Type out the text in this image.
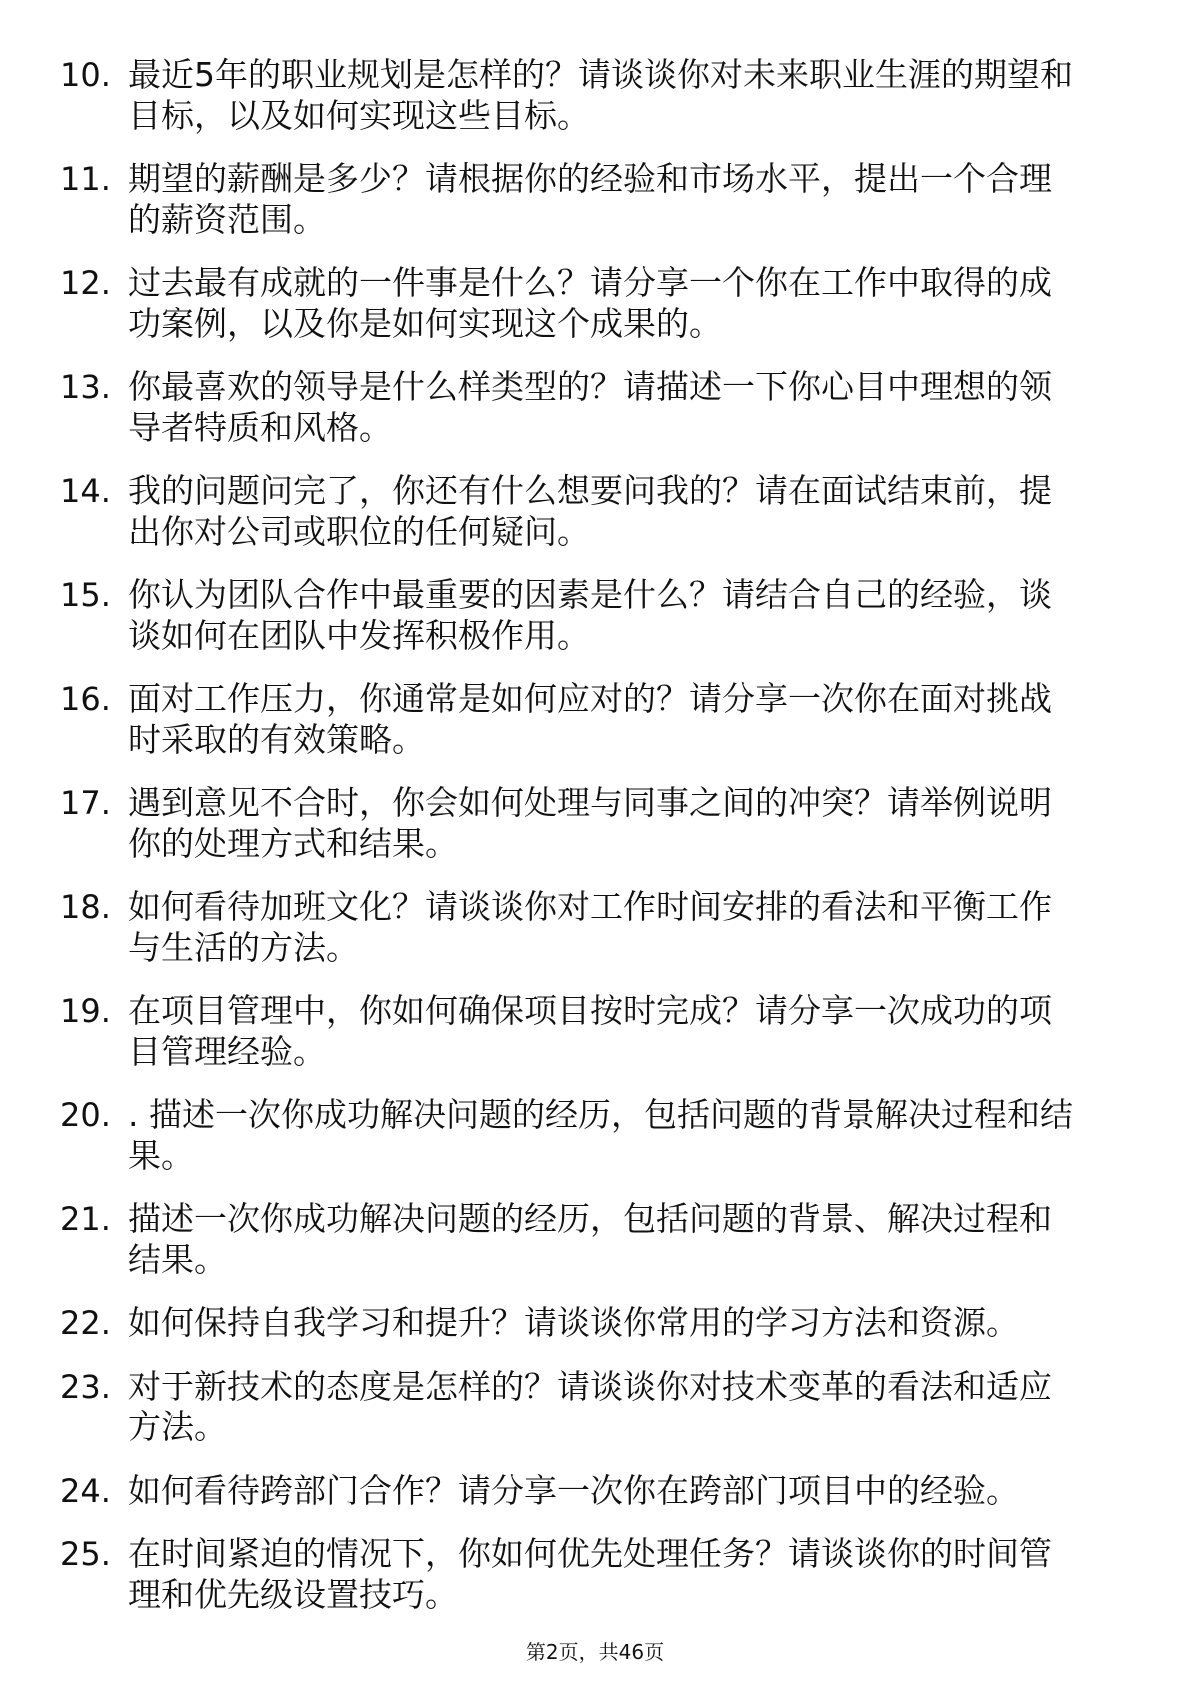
10. 最近5年的职业规划是怎样的？请谈谈你对未来职业生涯的期望和
目标，以及如何实现这些目标。
11. 期望的薪酬是多少？请根据你的经验和市场水平，提出一个合理
的薪资范围。
12. 过去最有成就的一件事是什么？请分享一个你在工作中取得的成
功案例，以及你是如何实现这个成果的。
13. 你最喜欢的领导是什么样类型的？请描述一下你心目中理想的领
导者特质和风格。
14. 我的问题问完了，你还有什么想要问我的？请在面试结束前，提
出你对公司或职位的任何疑问。
15. 你认为团队合作中最重要的因素是什么？请结合自己的经验，谈
谈如何在团队中发挥积极作用。
16. 面对工作压力，你通常是如何应对的？请分享一次你在面对挑战
时采取的有效策略。
17. 遇到意见不合时，你会如何处理与同事之间的冲突？请举例说明
你的处理方式和结果。
18. 如何看待加班文化？请谈谈你对工作时间安排的看法和平衡工作
与生活的方法。
19. 在项目管理中，你如何确保项目按时完成？请分享一次成功的项
目管理经验。
20. . 描述一次你成功解决问题的经历，包括问题的背景解决过程和结
果。
21. 描述一次你成功解决问题的经历，包括问题的背景、解决过程和
结果。
22. 如何保持自我学习和提升？请谈谈你常用的学习方法和资源。
23. 对于新技术的态度是怎样的？请谈谈你对技术变革的看法和适应
方法。
24. 如何看待跨部门合作？请分享一次你在跨部门项目中的经验。
25. 在时间紧迫的情况下，你如何优先处理任务？请谈谈你的时间管
理和优先级设置技巧。
第2页，共46页
